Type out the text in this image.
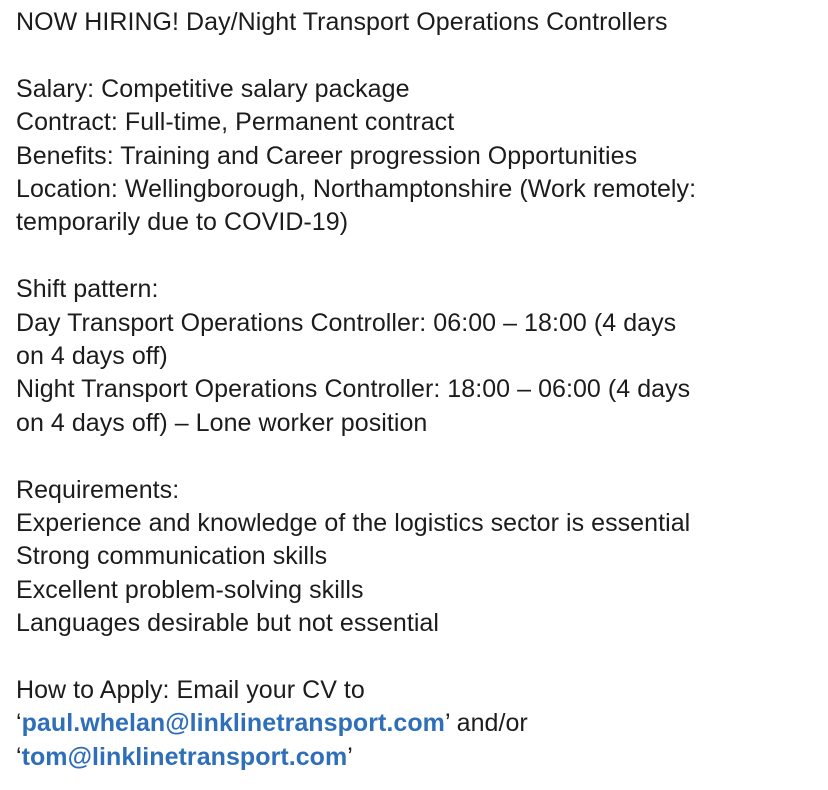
NOW HIRING! Day/Night Transport Operations Controllers
Salary: Competitive salary package
Contract: Full-time, Permanent contract
Benefits: Training and Career progression Opportunities
Location: Wellingborough, Northamptonshire (Work remotely:
temporarily due to COVID-19)
Shift pattern:
Day Transport Operations Controller: 06:00 – 18:00 (4 days
on 4 days off)
Night Transport Operations Controller: 18:00 – 06:00 (4 days
on 4 days off) – Lone worker position
Requirements:
Experience and knowledge of the logistics sector is essential
Strong communication skills
Excellent problem-solving skills
Languages desirable but not essential
How to Apply: Email your CV to
‘paul.whelan@linklinetransport.com’ and/or
‘tom@linklinetransport.com’
